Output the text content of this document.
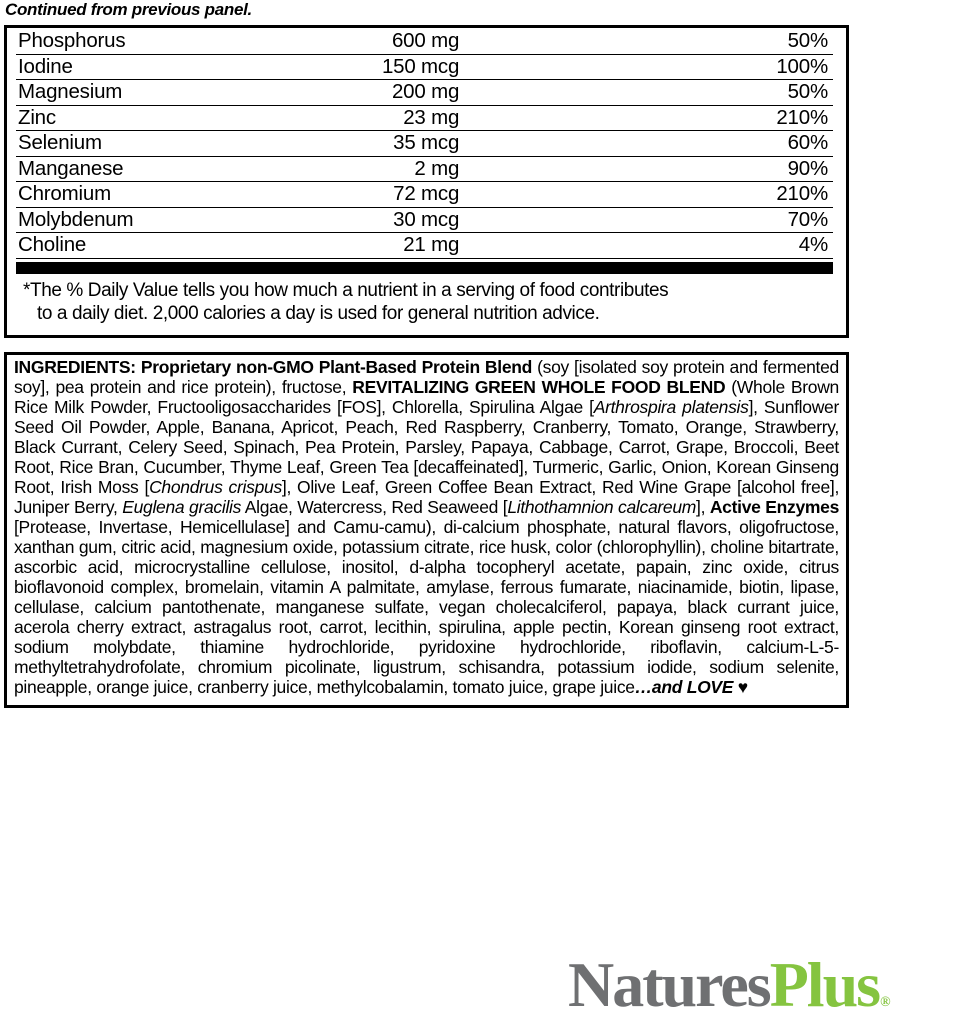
Continued from previous panel.
Phosphorus	600 mg	50%
Iodine	150 mcg	100%
Magnesium	200 mg	50%
Zinc	23 mg	210%
Selenium	35 mcg	60%
Manganese	2 mg	90%
Chromium	72 mcg	210%
Molybdenum	30 mcg	70%
Choline	21 mg	4%
*The % Daily Value tells you how much a nutrient in a serving of food contributes
to a daily diet. 2,000 calories a day is used for general nutrition advice.

INGREDIENTS: Proprietary non-GMO Plant-Based Protein Blend (soy [isolated soy protein and fermented soy], pea protein and rice protein), fructose, REVITALIZING GREEN WHOLE FOOD BLEND (Whole Brown Rice Milk Powder, Fructooligosaccharides [FOS], Chlorella, Spirulina Algae [Arthrospira platensis], Sunflower Seed Oil Powder, Apple, Banana, Apricot, Peach, Red Raspberry, Cranberry, Tomato, Orange, Strawberry, Black Currant, Celery Seed, Spinach, Pea Protein, Parsley, Papaya, Cabbage, Carrot, Grape, Broccoli, Beet Root, Rice Bran, Cucumber, Thyme Leaf, Green Tea [decaffeinated], Turmeric, Garlic, Onion, Korean Ginseng Root, Irish Moss [Chondrus crispus], Olive Leaf, Green Coffee Bean Extract, Red Wine Grape [alcohol free], Juniper Berry, Euglena gracilis Algae, Watercress, Red Seaweed [Lithothamnion calcareum], Active Enzymes [Protease, Invertase, Hemicellulase] and Camu-camu), di-calcium phosphate, natural flavors, oligofructose, xanthan gum, citric acid, magnesium oxide, potassium citrate, rice husk, color (chlorophyllin), choline bitartrate, ascorbic acid, microcrystalline cellulose, inositol, d-alpha tocopheryl acetate, papain, zinc oxide, citrus bioflavonoid complex, bromelain, vitamin A palmitate, amylase, ferrous fumarate, niacinamide, biotin, lipase, cellulase, calcium pantothenate, manganese sulfate, vegan cholecalciferol, papaya, black currant juice, acerola cherry extract, astragalus root, carrot, lecithin, spirulina, apple pectin, Korean ginseng root extract, sodium molybdate, thiamine hydrochloride, pyridoxine hydrochloride, riboflavin, calcium-L-5-methyltetrahydrofolate, chromium picolinate, ligustrum, schisandra, potassium iodide, sodium selenite, pineapple, orange juice, cranberry juice, methylcobalamin, tomato juice, grape juice…and LOVE ♥

NaturesPlus®
